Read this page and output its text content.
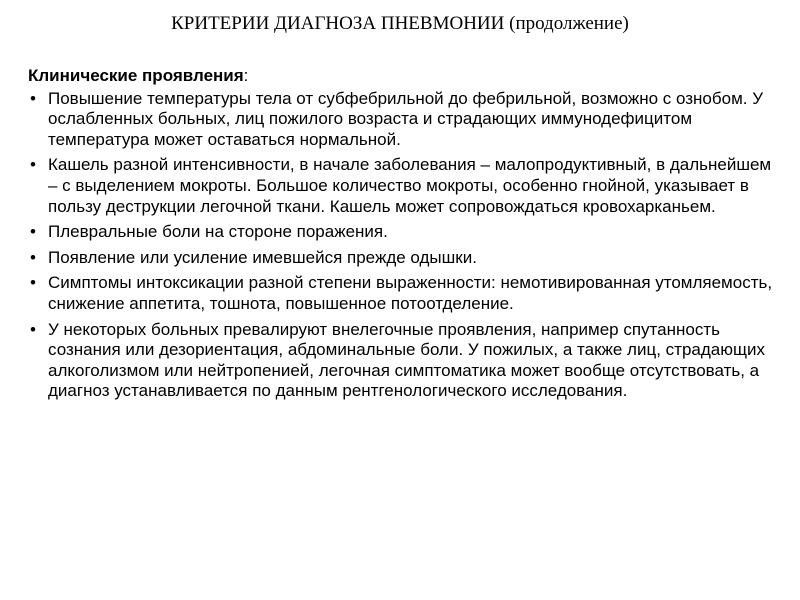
КРИТЕРИИ ДИАГНОЗА ПНЕВМОНИИ (продолжение)
Клинические проявления:
• Повышение температуры тела от субфебрильной до фебрильной, возможно с ознобом. У ослабленных больных, лиц пожилого возраста и страдающих иммунодефицитом температура может оставаться нормальной.
• Кашель разной интенсивности, в начале заболевания – малопродуктивный, в дальнейшем – с выделением мокроты. Большое количество мокроты, особенно гнойной, указывает в пользу деструкции легочной ткани. Кашель может сопровождаться кровохарканьем.
• Плевральные боли на стороне поражения.
• Появление или усиление имевшейся прежде одышки.
• Симптомы интоксикации разной степени выраженности: немотивированная утомляемость, снижение аппетита, тошнота, повышенное потоотделение.
• У некоторых больных превалируют внелегочные проявления, например спутанность сознания или дезориентация, абдоминальные боли. У пожилых, а также лиц, страдающих алкоголизмом или нейтропенией, легочная симптоматика может вообще отсутствовать, а диагноз устанавливается по данным рентгенологического исследования.
